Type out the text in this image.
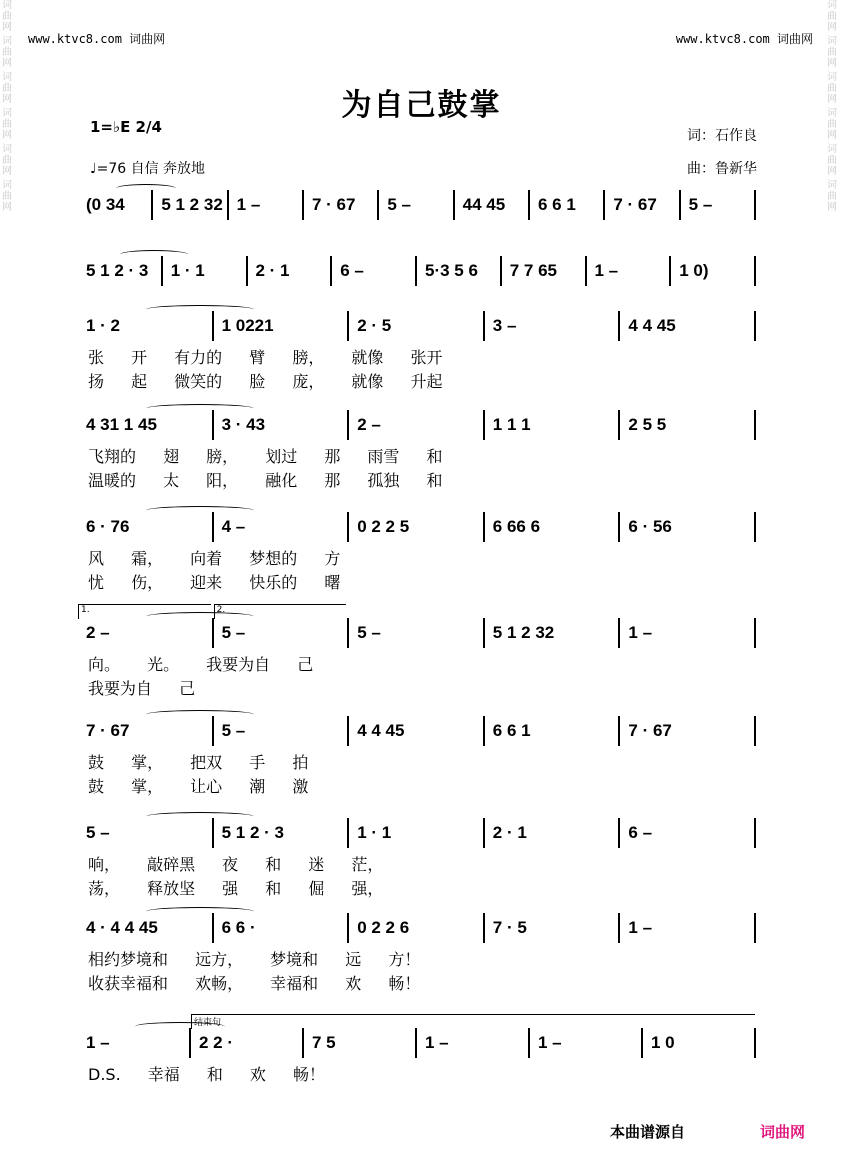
词曲网
词曲网
词曲网
词曲网
词曲网
词曲网
词曲网
词曲网
词曲网
词曲网
词曲网
词曲网
www.ktvc8.com 词曲网	www.ktvc8.com 词曲网
为自己鼓掌
1=♭E 2/4
♩=76 自信 奔放地
词：石作良
曲：鲁新华
(0 34 5 1 2 32 1 –	7 · 67 5 –	44 45 6 6 1 7 · 67 5 –
5 1 2 · 3 1 · 1	2 · 1	6 –	5·3 5 6 7 7 65 1 –	1 0)
1 · 2	1 0221	2 · 5	3 –	4 4 45
张 开 有力的 臂 膀， 就像 张开
扬 起 微笑的 脸 庞， 就像 升起
4 31 1 45	3 · 43	2 –	1 1 1	2 5 5
飞翔的 翅 膀， 划过 那 雨雪 和
温暖的 太 阳， 融化 那 孤独 和
6 · 76	4 –	0 2 2 5	6 66 6	6 · 56
风 霜， 向着 梦想的 方
忧 伤， 迎来 快乐的 曙
2 –	5 –	5 –	5 1 2 32	1 –
向。 光。 我要为自 己
我要为自 己
1.	2.
7 · 67	5 –	4 4 45	6 6 1	7 · 67
鼓 掌， 把双 手 拍
鼓 掌， 让心 潮 激
5 –	5 1 2 · 3	1 · 1	2 · 1	6 –
响， 敲碎黑 夜 和 迷 茫，
荡， 释放坚 强 和 倔 强，
4 · 4 4 45	6 6 ·	0 2 2 6	7 · 5	1 –
相约梦境和 远方， 梦境和 远 方！
收获幸福和 欢畅， 幸福和 欢 畅！
1 –	2 2 ·	7 5	1 –	1 –	1 0
D.S. 幸福 和 欢 畅！
结束句
本曲谱源自	词曲网
